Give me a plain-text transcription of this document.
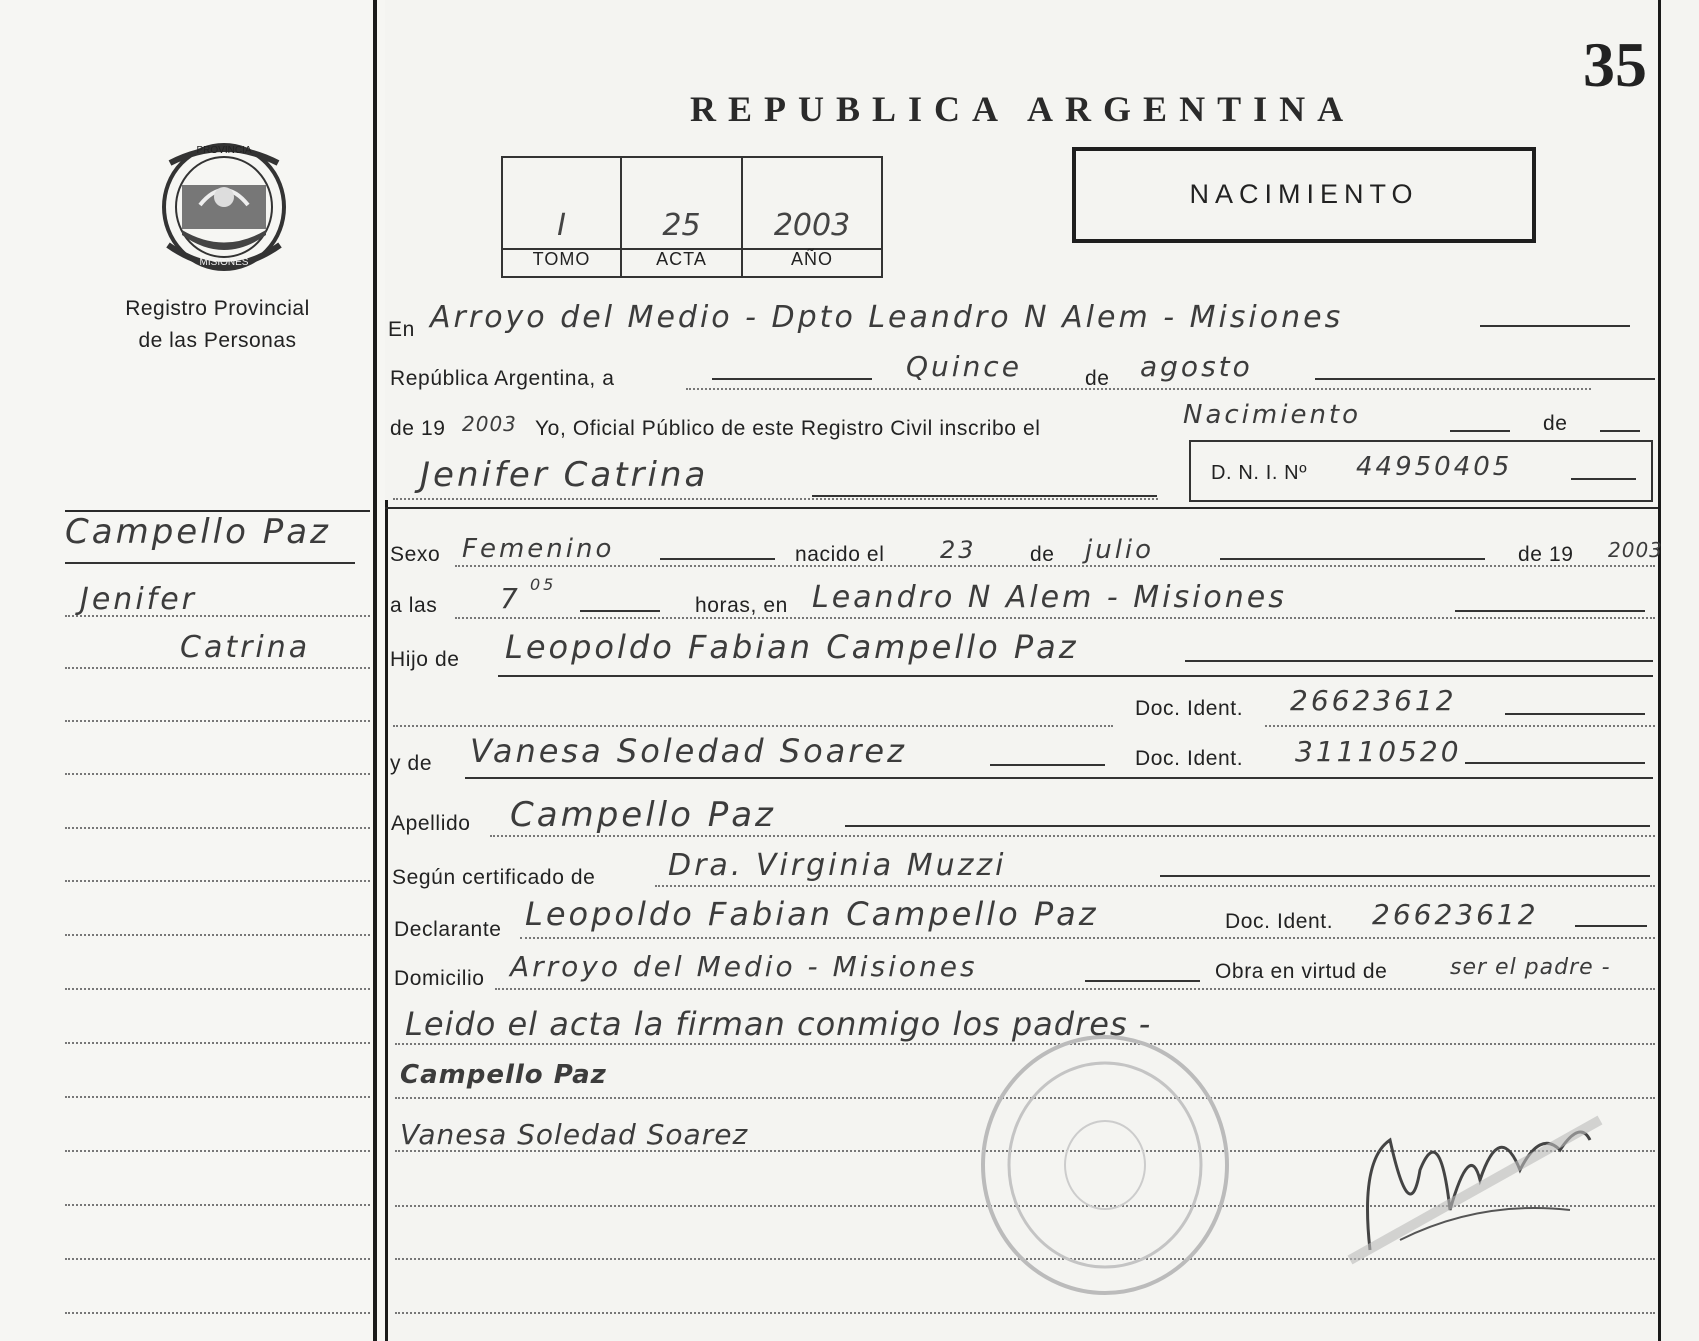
PROVINCIA
MISIONES
Registro Provincial
de las Personas
Campello Paz
Jenifer
Catrina
REPUBLICA ARGENTINA
35
I
TOMO
25
ACTA
2003
AÑO
NACIMIENTO
En Arroyo del Medio - Dpto Leandro N Alem - Misiones
República Argentina, a	Quince	de agosto
de 19 2003 Yo, Oficial Público de este Registro Civil inscribo el	Nacimiento	de
Jenifer Catrina	D. N. I. Nº 44950405
Sexo Femenino	nacido el 23	de julio	de 19 2003
a las 7 05
horas, en Leandro N Alem - Misiones
Hijo de Leopoldo Fabian Campello Paz
Doc. Ident. 26623612
y de Vanesa Soledad Soarez	Doc. Ident. 31110520
Apellido Campello Paz
Según certificado de Dra. Virginia Muzzi
Declarante Leopoldo Fabian Campello Paz	Doc. Ident. 26623612
Domicilio Arroyo del Medio - Misiones	Obra en virtud de	ser el padre -
Leido el acta la firman conmigo los padres -
Campello Paz
Vanesa Soledad Soarez
